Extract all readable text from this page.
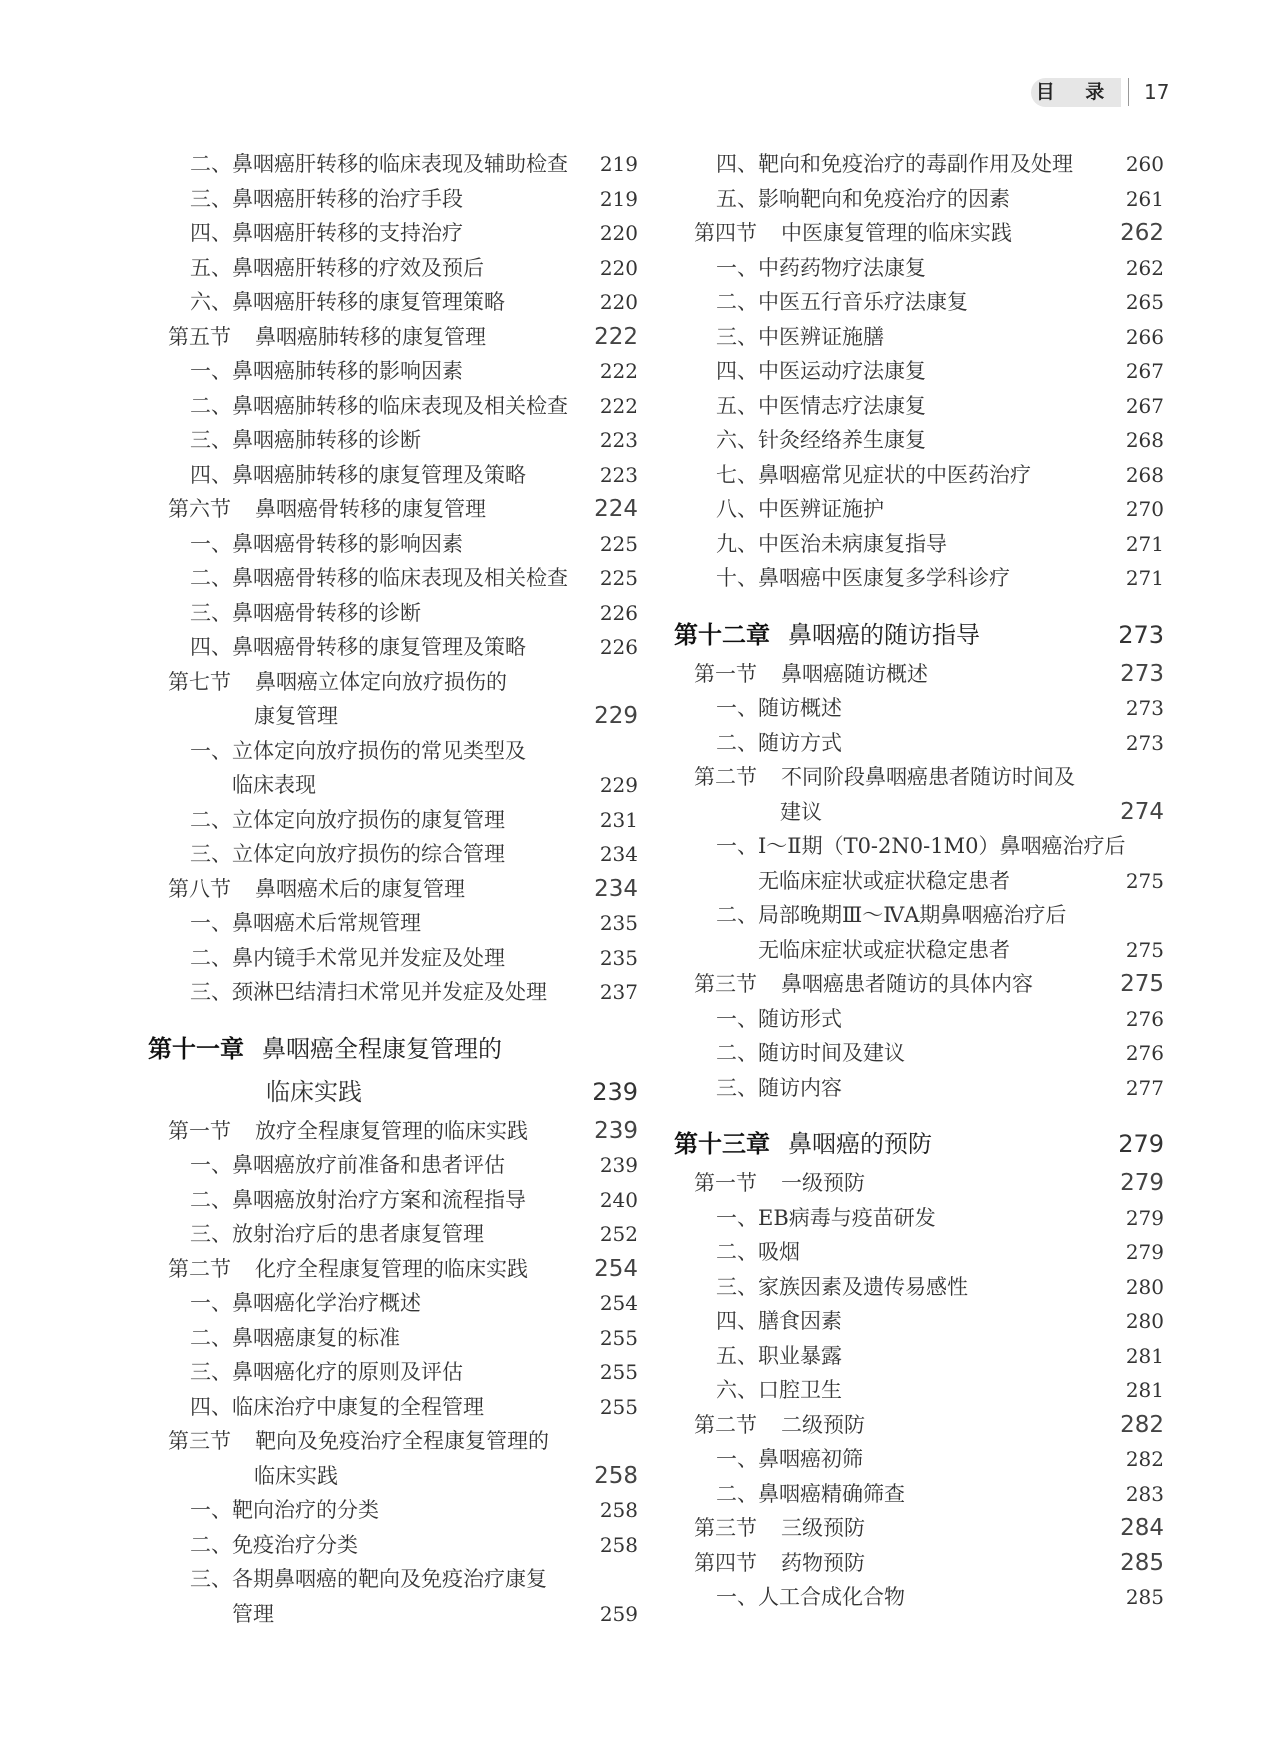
目 录 17
二、鼻咽癌肝转移的临床表现及辅助检查 219
三、鼻咽癌肝转移的治疗手段	219
四、鼻咽癌肝转移的支持治疗	220
五、鼻咽癌肝转移的疗效及预后	220
六、鼻咽癌肝转移的康复管理策略	220
第五节 鼻咽癌肺转移的康复管理	222
一、鼻咽癌肺转移的影响因素	222
二、鼻咽癌肺转移的临床表现及相关检查 222
三、鼻咽癌肺转移的诊断	223
四、鼻咽癌肺转移的康复管理及策略	223
第六节 鼻咽癌骨转移的康复管理	224
一、鼻咽癌骨转移的影响因素	225
二、鼻咽癌骨转移的临床表现及相关检查 225
三、鼻咽癌骨转移的诊断	226
四、鼻咽癌骨转移的康复管理及策略	226
第七节 鼻咽癌立体定向放疗损伤的
康复管理	229
一、立体定向放疗损伤的常见类型及
临床表现	229
二、立体定向放疗损伤的康复管理	231
三、立体定向放疗损伤的综合管理	234
第八节 鼻咽癌术后的康复管理	234
一、鼻咽癌术后常规管理	235
二、鼻内镜手术常见并发症及处理	235
三、颈淋巴结清扫术常见并发症及处理	237
第十一章 鼻咽癌全程康复管理的
临床实践	239
第一节 放疗全程康复管理的临床实践	239
一、鼻咽癌放疗前准备和患者评估	239
二、鼻咽癌放射治疗方案和流程指导	240
三、放射治疗后的患者康复管理	252
第二节 化疗全程康复管理的临床实践	254
一、鼻咽癌化学治疗概述	254
二、鼻咽癌康复的标准	255
三、鼻咽癌化疗的原则及评估	255
四、临床治疗中康复的全程管理	255
第三节 靶向及免疫治疗全程康复管理的
临床实践	258
一、靶向治疗的分类	258
二、免疫治疗分类	258
三、各期鼻咽癌的靶向及免疫治疗康复
管理	259
四、靶向和免疫治疗的毒副作用及处理	260
五、影响靶向和免疫治疗的因素	261
第四节 中医康复管理的临床实践	262
一、中药药物疗法康复	262
二、中医五行音乐疗法康复	265
三、中医辨证施膳	266
四、中医运动疗法康复	267
五、中医情志疗法康复	267
六、针灸经络养生康复	268
七、鼻咽癌常见症状的中医药治疗	268
八、中医辨证施护	270
九、中医治未病康复指导	271
十、鼻咽癌中医康复多学科诊疗	271
第十二章 鼻咽癌的随访指导	273
第一节 鼻咽癌随访概述	273
一、随访概述	273
二、随访方式	273
第二节 不同阶段鼻咽癌患者随访时间及
建议	274
一、Ⅰ～Ⅱ期（T0-2N0-1M0）鼻咽癌治疗后
无临床症状或症状稳定患者	275
二、局部晚期Ⅲ～ⅣA期鼻咽癌治疗后
无临床症状或症状稳定患者	275
第三节 鼻咽癌患者随访的具体内容	275
一、随访形式	276
二、随访时间及建议	276
三、随访内容	277
第十三章 鼻咽癌的预防	279
第一节 一级预防	279
一、EB病毒与疫苗研发	279
二、吸烟	279
三、家族因素及遗传易感性	280
四、膳食因素	280
五、职业暴露	281
六、口腔卫生	281
第二节 二级预防	282
一、鼻咽癌初筛	282
二、鼻咽癌精确筛查	283
第三节 三级预防	284
第四节 药物预防	285
一、人工合成化合物	285
